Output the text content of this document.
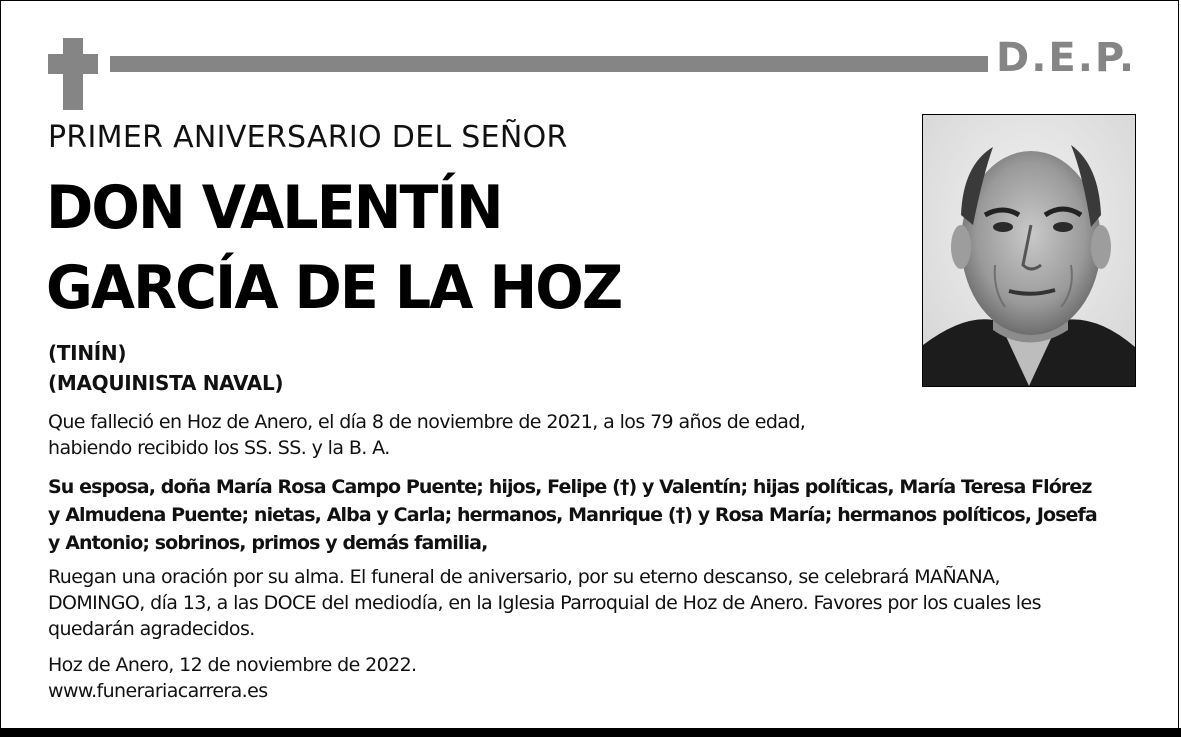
D.E.P.
PRIMER ANIVERSARIO DEL SEÑOR
DON VALENTÍN
GARCÍA DE LA HOZ
(TINÍN)
(MAQUINISTA NAVAL)
Que falleció en Hoz de Anero, el día 8 de noviembre de 2021, a los 79 años de edad,
habiendo recibido los SS. SS. y la B. A.
Su esposa, doña María Rosa Campo Puente; hijos, Felipe (†) y Valentín; hijas políticas, María Teresa Flórez
y Almudena Puente; nietas, Alba y Carla; hermanos, Manrique (†) y Rosa María; hermanos políticos, Josefa
y Antonio; sobrinos, primos y demás familia,
Ruegan una oración por su alma. El funeral de aniversario, por su eterno descanso, se celebrará MAÑANA,
DOMINGO, día 13, a las DOCE del mediodía, en la Iglesia Parroquial de Hoz de Anero. Favores por los cuales les
quedarán agradecidos.
Hoz de Anero, 12 de noviembre de 2022.
www.funerariacarrera.es
